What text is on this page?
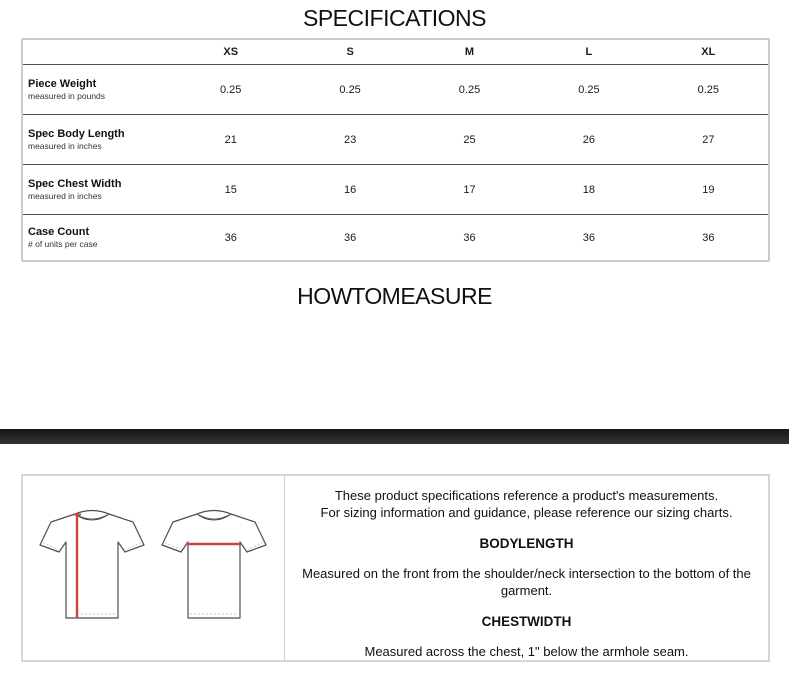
SPECIFICATIONS
XS	S	M	L	XL
Piece Weight
measured in pounds
0.25	0.25	0.25	0.25	0.25
Spec Body Length
measured in inches
21	23	25	26	27
Spec Chest Width
measured in inches
15	16	17	18	19
Case Count
# of units per case
36	36	36	36	36
HOW TO MEASURE
These product specifications reference a product's measurements.
For sizing information and guidance, please reference our sizing charts.
BODY LENGTH
Measured on the front from the shoulder/neck intersection to the bottom of the garment.
CHEST WIDTH
Measured across the chest, 1" below the armhole seam.
